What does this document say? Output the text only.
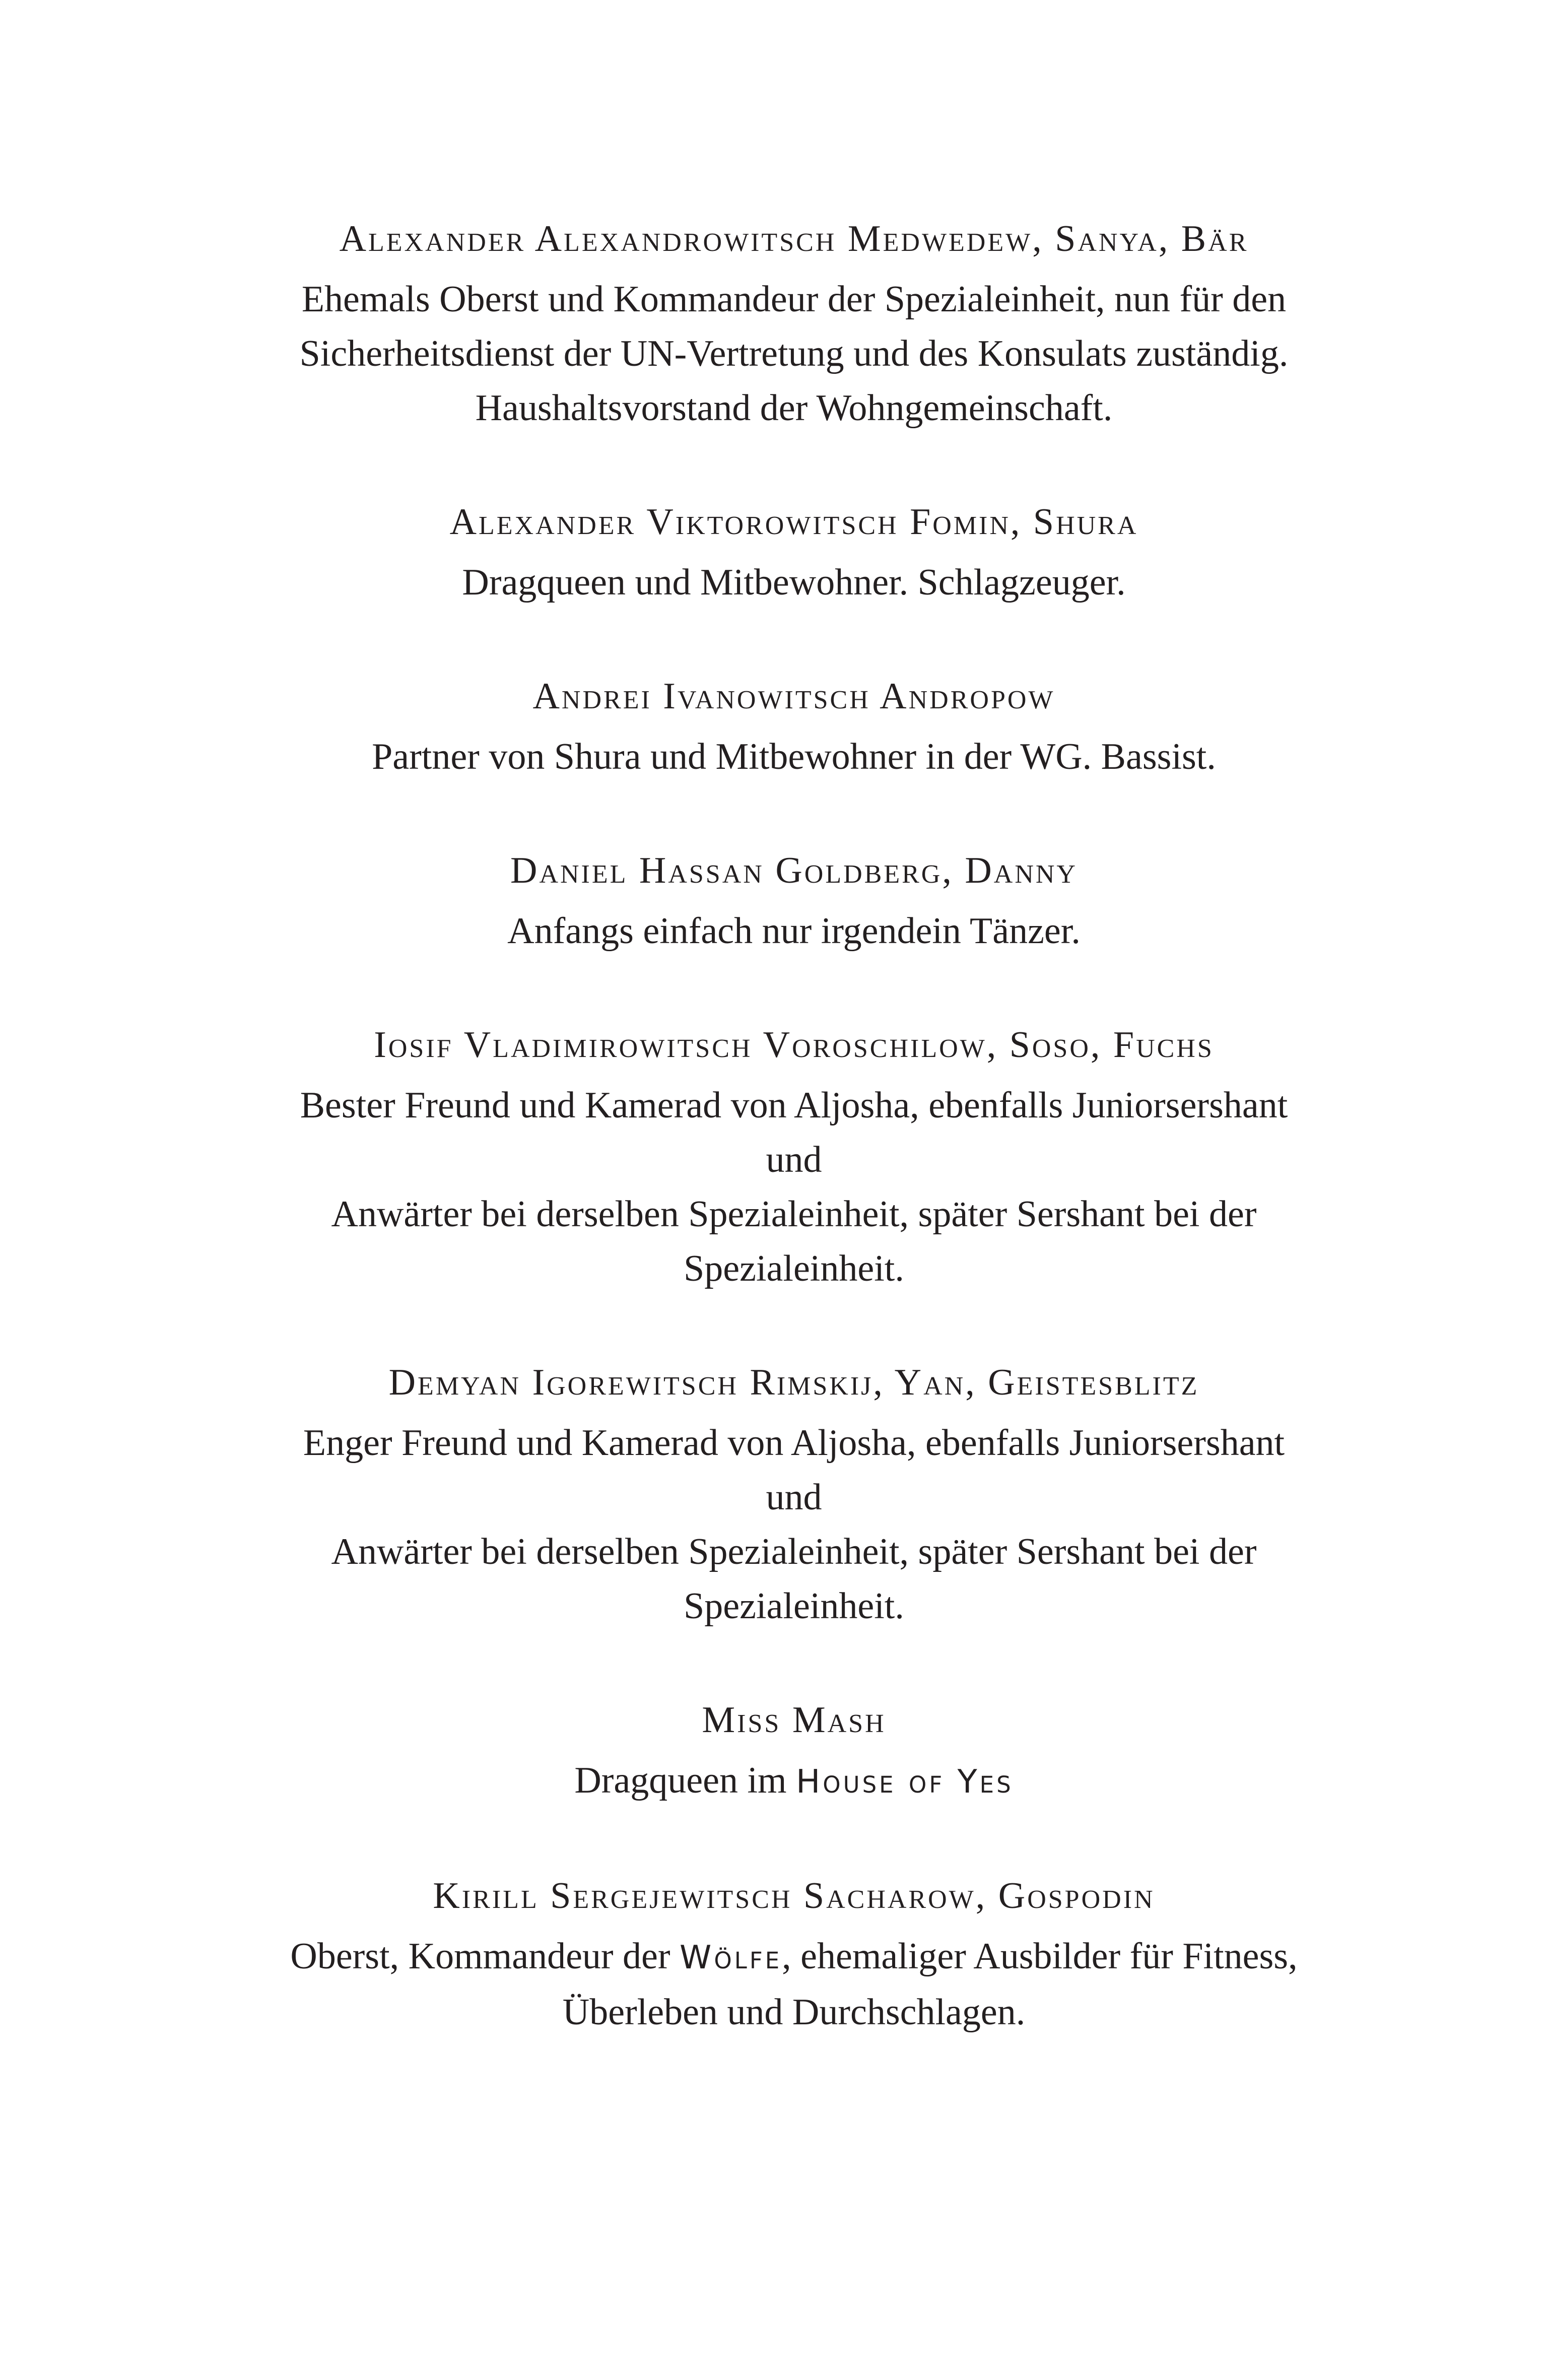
Alexander Alexandrowitsch Medwedew, Sanya, Bär
Ehemals Oberst und Kommandeur der Spezialeinheit, nun für den
Sicherheitsdienst der UN-Vertretung und des Konsulats zuständig.
Haushaltsvorstand der Wohngemeinschaft.
Alexander Viktorowitsch Fomin, Shura
Dragqueen und Mitbewohner. Schlagzeuger.
Andrei Ivanowitsch Andropow
Partner von Shura und Mitbewohner in der WG. Bassist.
Daniel Hassan Goldberg, Danny
Anfangs einfach nur irgendein Tänzer.
Iosif Vladimirowitsch Voroschilow, Soso, Fuchs
Bester Freund und Kamerad von Aljosha, ebenfalls Juniorsershant und
Anwärter bei derselben Spezialeinheit, später Sershant bei der
Spezialeinheit.
Demyan Igorewitsch Rimskij, Yan, Geistesblitz
Enger Freund und Kamerad von Aljosha, ebenfalls Juniorsershant und
Anwärter bei derselben Spezialeinheit, später Sershant bei der
Spezialeinheit.
Miss Mash
Dragqueen im House of Yes
Kirill Sergejewitsch Sacharow, Gospodin
Oberst, Kommandeur der Wölfe, ehemaliger Ausbilder für Fitness,
Überleben und Durchschlagen.
